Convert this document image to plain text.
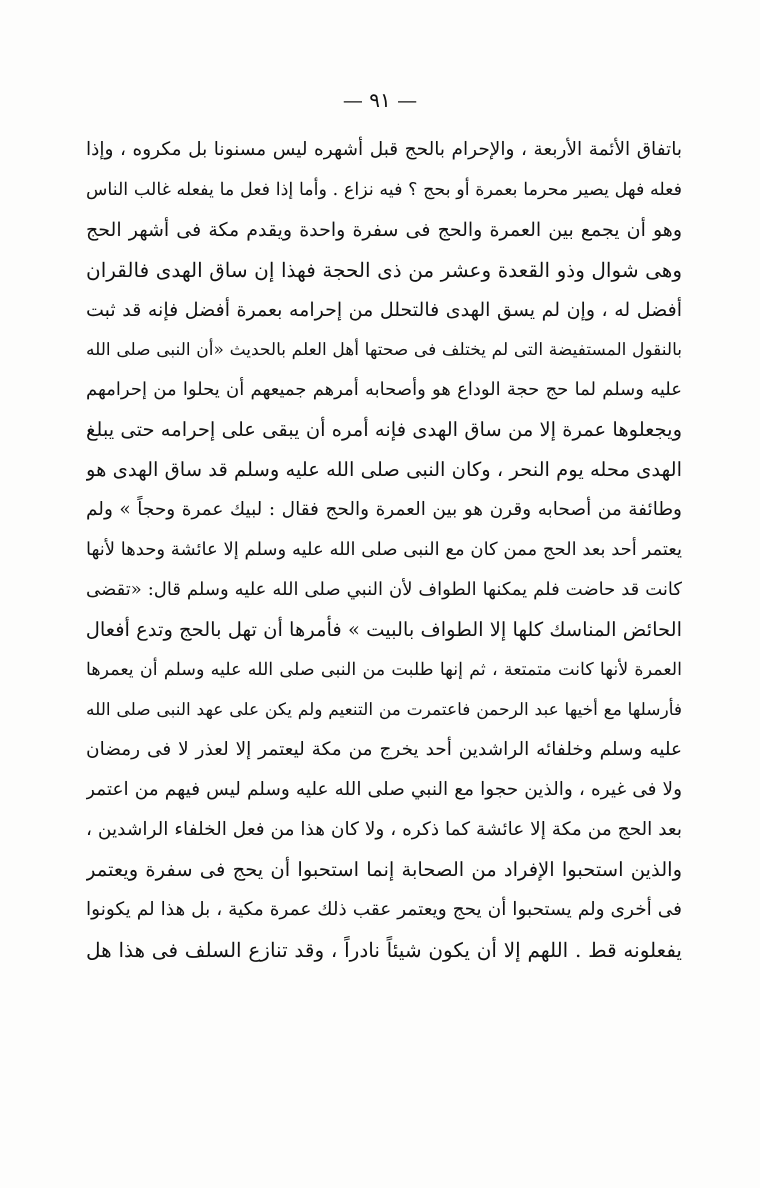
— ٩١ —
باتفاق الأئمة الأربعة ، والإحرام بالحج قبل أشهره ليس مسنونا بل مكروه ، وإذا
فعله فهل يصير محرما بعمرة أو بحج ؟ فيه نزاع . وأما إذا فعل ما يفعله غالب الناس
وهو أن يجمع بين العمرة والحج فى سفرة واحدة ويقدم مكة فى أشهر الحج
وهى شوال وذو القعدة وعشر من ذى الحجة فهذا إن ساق الهدى فالقران
أفضل له ، وإن لم يسق الهدى فالتحلل من إحرامه بعمرة أفضل فإنه قد ثبت
بالنقول المستفيضة التى لم يختلف فى صحتها أهل العلم بالحديث «أن النبى صلى الله
عليه وسلم لما حج حجة الوداع هو وأصحابه أمرهم جميعهم أن يحلوا من إحرامهم
ويجعلوها عمرة إلا من ساق الهدى فإنه أمره أن يبقى على إحرامه حتى يبلغ
الهدى محله يوم النحر ، وكان النبى صلى الله عليه وسلم قد ساق الهدى هو
وطائفة من أصحابه وقرن هو بين العمرة والحج فقال : لبيك عمرة وحجاً » ولم
يعتمر أحد بعد الحج ممن كان مع النبى صلى الله عليه وسلم إلا عائشة وحدها لأنها
كانت قد حاضت فلم يمكنها الطواف لأن النبي صلى الله عليه وسلم قال: «تقضى
الحائض المناسك كلها إلا الطواف بالبيت » فأمرها أن تهل بالحج وتدع أفعال
العمرة لأنها كانت متمتعة ، ثم إنها طلبت من النبى صلى الله عليه وسلم أن يعمرها
فأرسلها مع أخيها عبد الرحمن فاعتمرت من التنعيم ولم يكن على عهد النبى صلى الله
عليه وسلم وخلفائه الراشدين أحد يخرج من مكة ليعتمر إلا لعذر لا فى رمضان
ولا فى غيره ، والذين حجوا مع النبي صلى الله عليه وسلم ليس فيهم من اعتمر
بعد الحج من مكة إلا عائشة كما ذكره ، ولا كان هذا من فعل الخلفاء الراشدين ،
والذين استحبوا الإفراد من الصحابة إنما استحبوا أن يحج فى سفرة ويعتمر
فى أخرى ولم يستحبوا أن يحج ويعتمر عقب ذلك عمرة مكية ، بل هذا لم يكونوا
يفعلونه قط . اللهم إلا أن يكون شيئاً نادراً ، وقد تنازع السلف فى هذا هل
